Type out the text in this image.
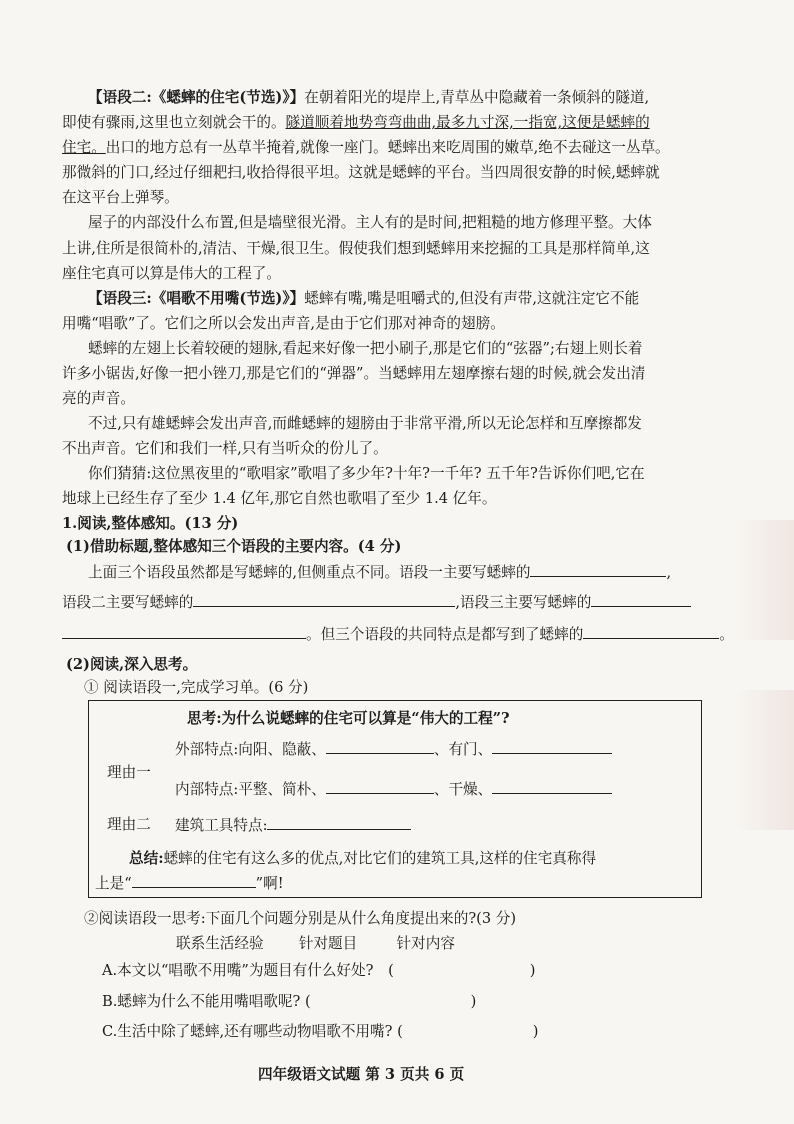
【语段二:《蟋蟀的住宅(节选)》】在朝着阳光的堤岸上,青草丛中隐藏着一条倾斜的隧道,
即使有骤雨,这里也立刻就会干的。隧道顺着地势弯弯曲曲,最多九寸深,一指宽,这便是蟋蟀的
住宅。出口的地方总有一丛草半掩着,就像一座门。蟋蟀出来吃周围的嫩草,绝不去碰这一丛草。
那微斜的门口,经过仔细耙扫,收拾得很平坦。这就是蟋蟀的平台。当四周很安静的时候,蟋蟀就
在这平台上弹琴。
屋子的内部没什么布置,但是墙壁很光滑。主人有的是时间,把粗糙的地方修理平整。大体
上讲,住所是很简朴的,清洁、干燥,很卫生。假使我们想到蟋蟀用来挖掘的工具是那样简单,这
座住宅真可以算是伟大的工程了。
【语段三:《唱歌不用嘴(节选)》】蟋蟀有嘴,嘴是咀嚼式的,但没有声带,这就注定它不能
用嘴“唱歌”了。它们之所以会发出声音,是由于它们那对神奇的翅膀。
蟋蟀的左翅上长着较硬的翅脉,看起来好像一把小刷子,那是它们的“弦器”;右翅上则长着
许多小锯齿,好像一把小锉刀,那是它们的“弹器”。当蟋蟀用左翅摩擦右翅的时候,就会发出清
亮的声音。
不过,只有雄蟋蟀会发出声音,而雌蟋蟀的翅膀由于非常平滑,所以无论怎样和互摩擦都发
不出声音。它们和我们一样,只有当听众的份儿了。
你们猜猜:这位黑夜里的“歌唱家”歌唱了多少年?十年?一千年? 五千年?告诉你们吧,它在
地球上已经生存了至少 1.4 亿年,那它自然也歌唱了至少 1.4 亿年。
1.阅读,整体感知。(13 分)
(1)借助标题,整体感知三个语段的主要内容。(4 分)
上面三个语段虽然都是写蟋蟀的,但侧重点不同。语段一主要写蟋蟀的	,
语段二主要写蟋蟀的	,语段三主要写蟋蟀的
。但三个语段的共同特点是都写到了蟋蟀的	。
(2)阅读,深入思考。
① 阅读语段一,完成学习单。(6 分)
思考:为什么说蟋蟀的住宅可以算是“伟大的工程”?
理由一
外部特点:向阳、隐蔽、	、有门、
内部特点:平整、简朴、	、干燥、
理由二 建筑工具特点:
总结:蟋蟀的住宅有这么多的优点,对比它们的建筑工具,这样的住宅真称得
上是“	”啊!
②阅读语段一思考:下面几个问题分别是从什么角度提出来的?(3 分)
联系生活经验 针对题目	针对内容
A.本文以“唱歌不用嘴”为题目有什么好处? (	)
B.蟋蟀为什么不能用嘴唱歌呢? (	)
C.生活中除了蟋蟀,还有哪些动物唱歌不用嘴? (	)
四年级语文试题 第 3 页共 6 页
